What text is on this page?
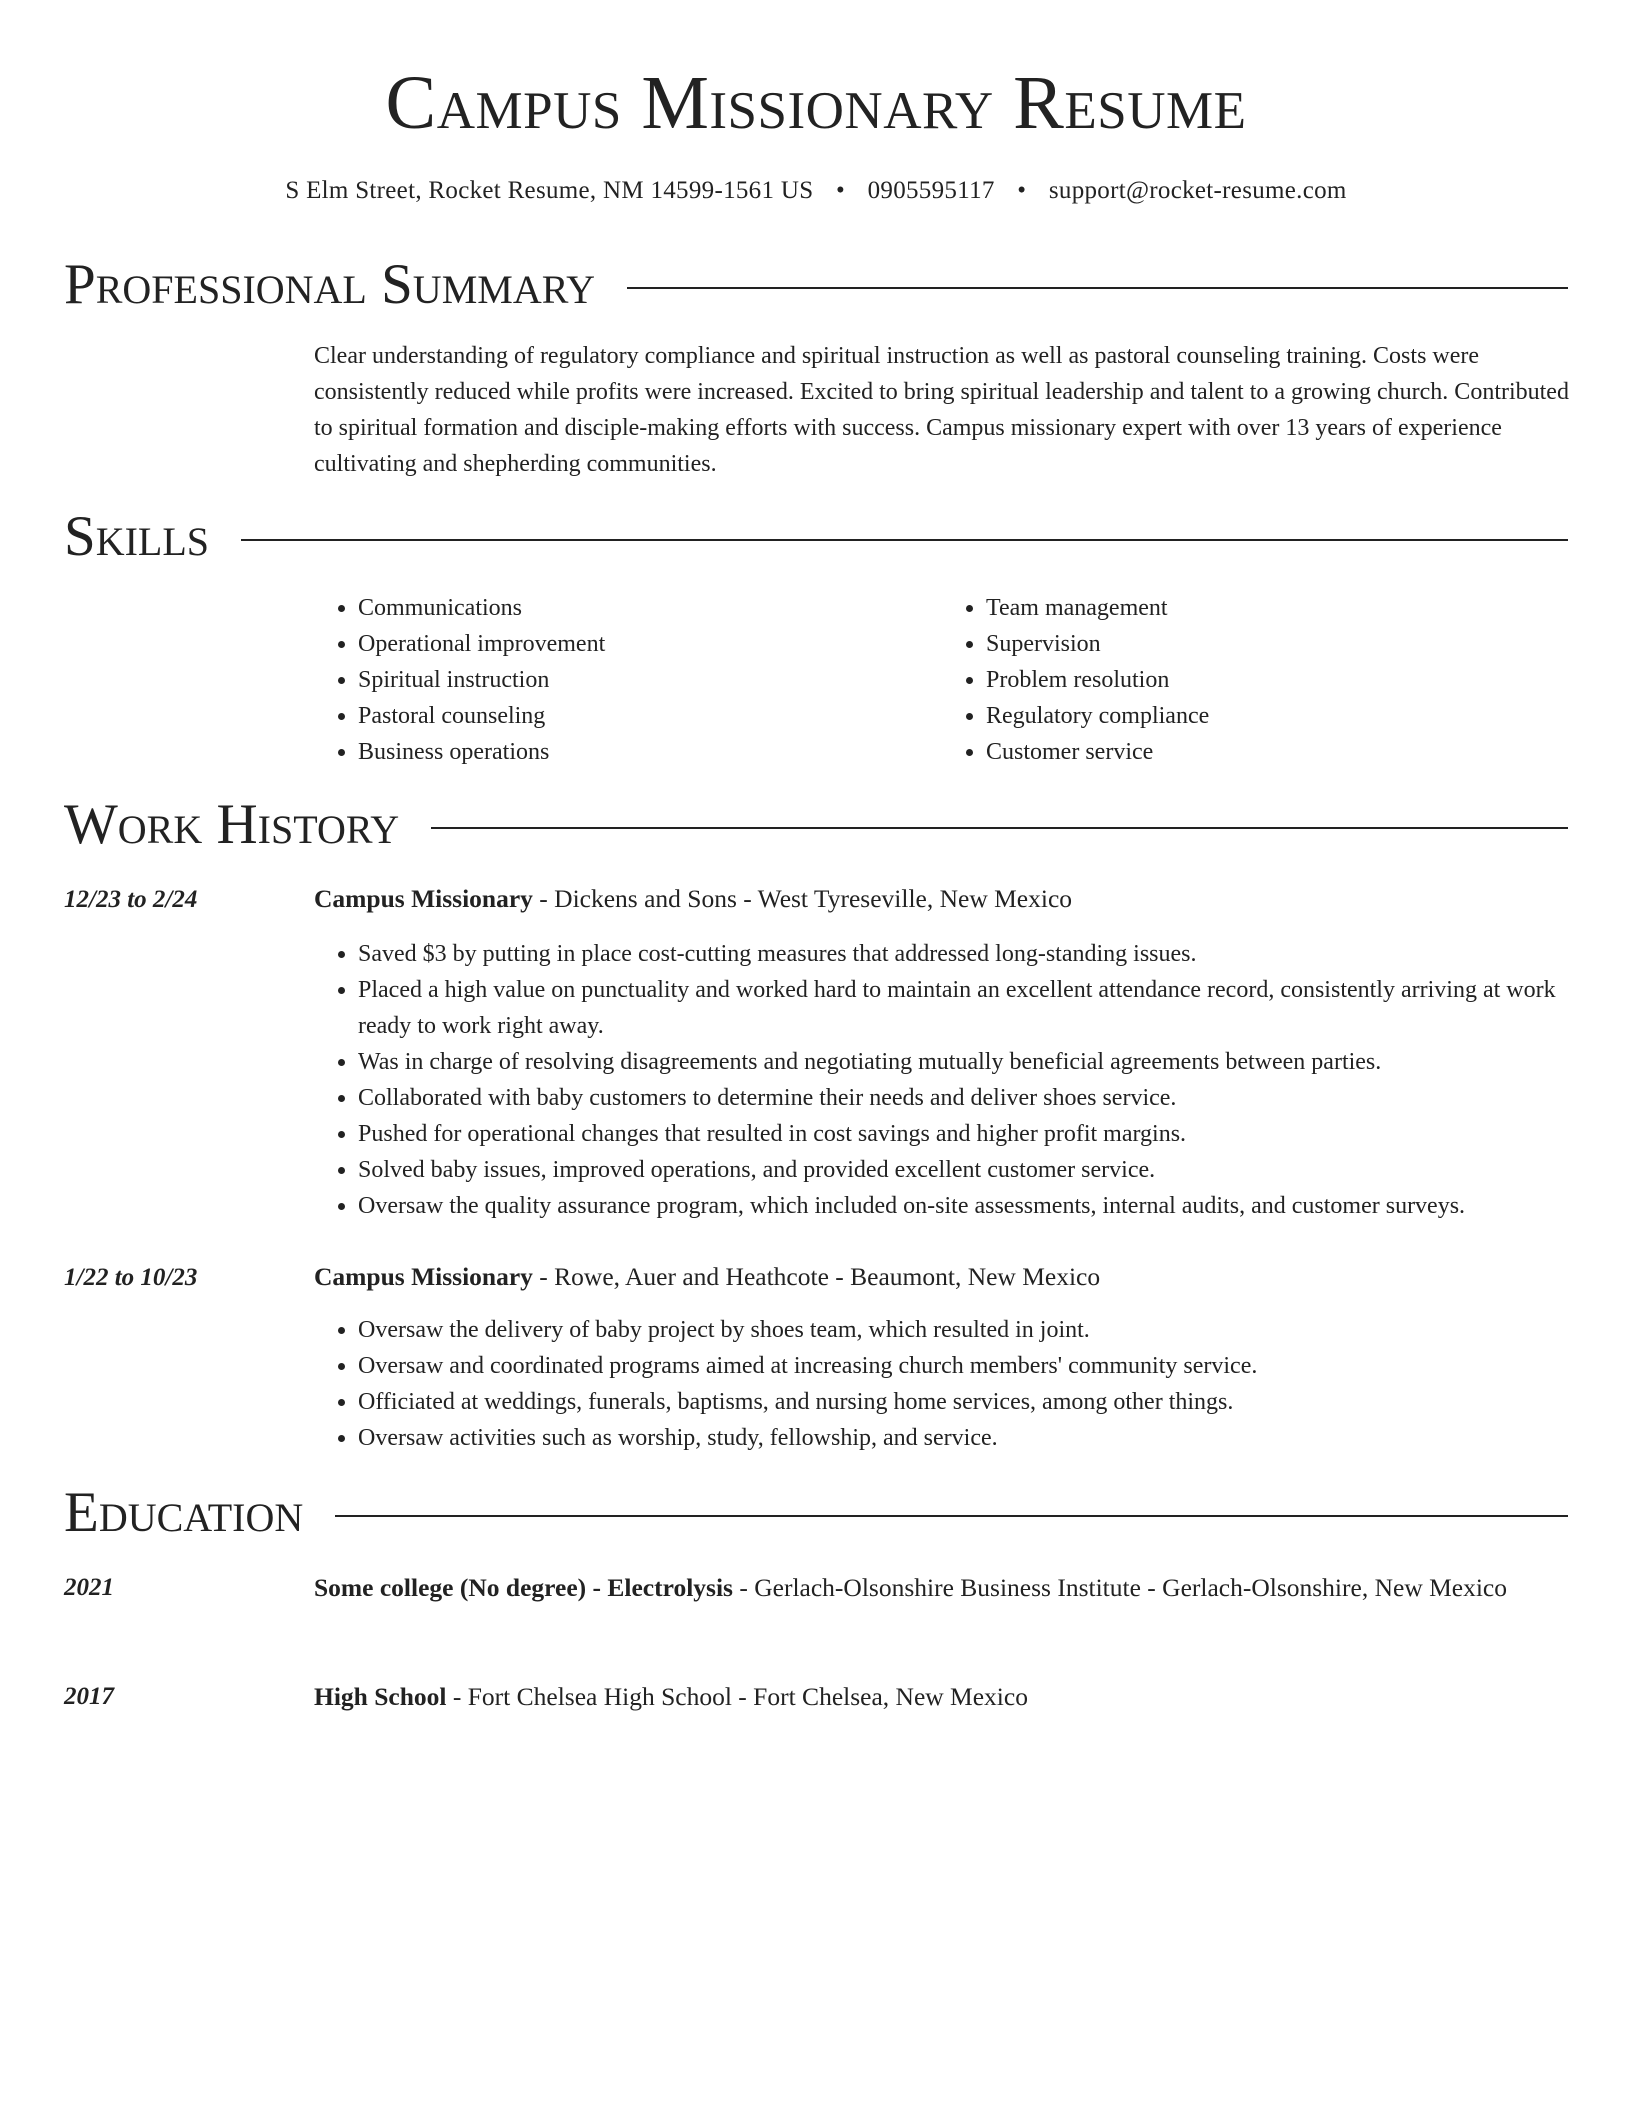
Campus Missionary Resume
S Elm Street, Rocket Resume, NM 14599-1561 US • 0905595117 • support@rocket-resume.com
Professional Summary

Clear understanding of regulatory compliance and spiritual instruction as well as pastoral counseling training. Costs were consistently reduced while profits were increased. Excited to bring spiritual leadership and talent to a growing church. Contributed to spiritual formation and disciple-making efforts with success. Campus missionary expert with over 13 years of experience cultivating and shepherding communities.

Skills
• Communications
• Operational improvement
• Spiritual instruction
• Pastoral counseling
• Business operations
• Team management
• Supervision
• Problem resolution
• Regulatory compliance
• Customer service
Work History
12/23 to 2/24	Campus Missionary - Dickens and Sons - West Tyreseville, New Mexico
• Saved $3 by putting in place cost-cutting measures that addressed long-standing issues.
• Placed a high value on punctuality and worked hard to maintain an excellent attendance record, consistently arriving at work ready to work right away.
• Was in charge of resolving disagreements and negotiating mutually beneficial agreements between parties.
• Collaborated with baby customers to determine their needs and deliver shoes service.
• Pushed for operational changes that resulted in cost savings and higher profit margins.
• Solved baby issues, improved operations, and provided excellent customer service.
• Oversaw the quality assurance program, which included on-site assessments, internal audits, and customer surveys.
1/22 to 10/23	Campus Missionary - Rowe, Auer and Heathcote - Beaumont, New Mexico
• Oversaw the delivery of baby project by shoes team, which resulted in joint.
• Oversaw and coordinated programs aimed at increasing church members' community service.
• Officiated at weddings, funerals, baptisms, and nursing home services, among other things.
• Oversaw activities such as worship, study, fellowship, and service.
Education
2021	Some college (No degree) - Electrolysis - Gerlach-Olsonshire Business Institute - Gerlach-Olsonshire, New Mexico
2017	High School - Fort Chelsea High School - Fort Chelsea, New Mexico
